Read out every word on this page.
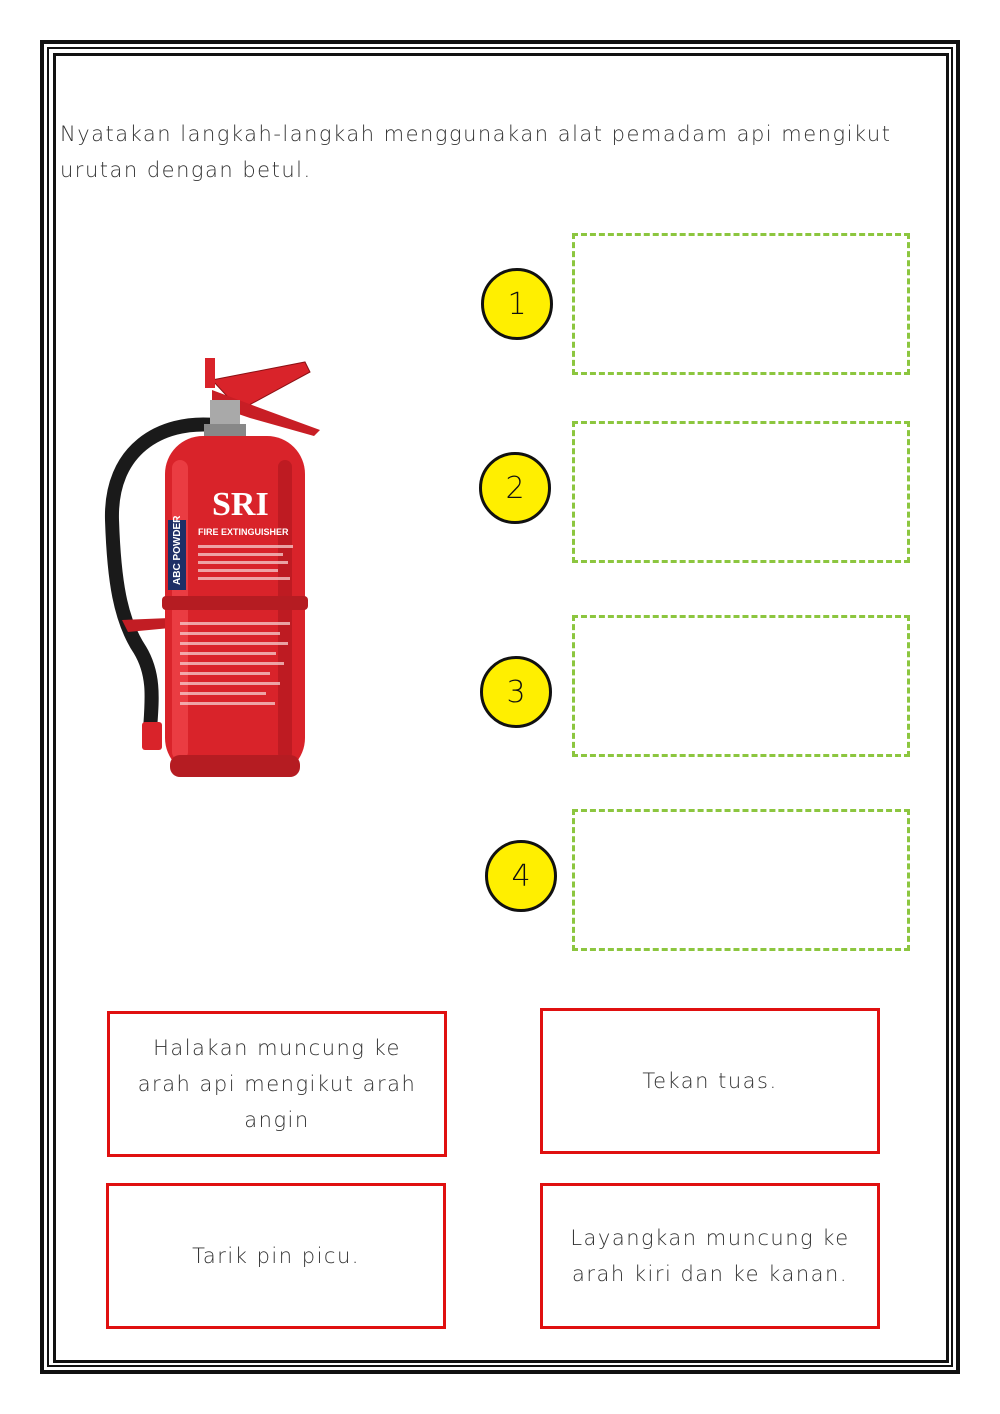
Nyatakan langkah-langkah menggunakan alat pemadam api mengikut urutan dengan betul.
ABC POWDER
SRI
FIRE EXTINGUISHER
1
2
3
4
Halakan muncung ke arah api mengikut arah angin
Tekan tuas.
Tarik pin picu.
Layangkan muncung ke arah kiri dan ke kanan.
